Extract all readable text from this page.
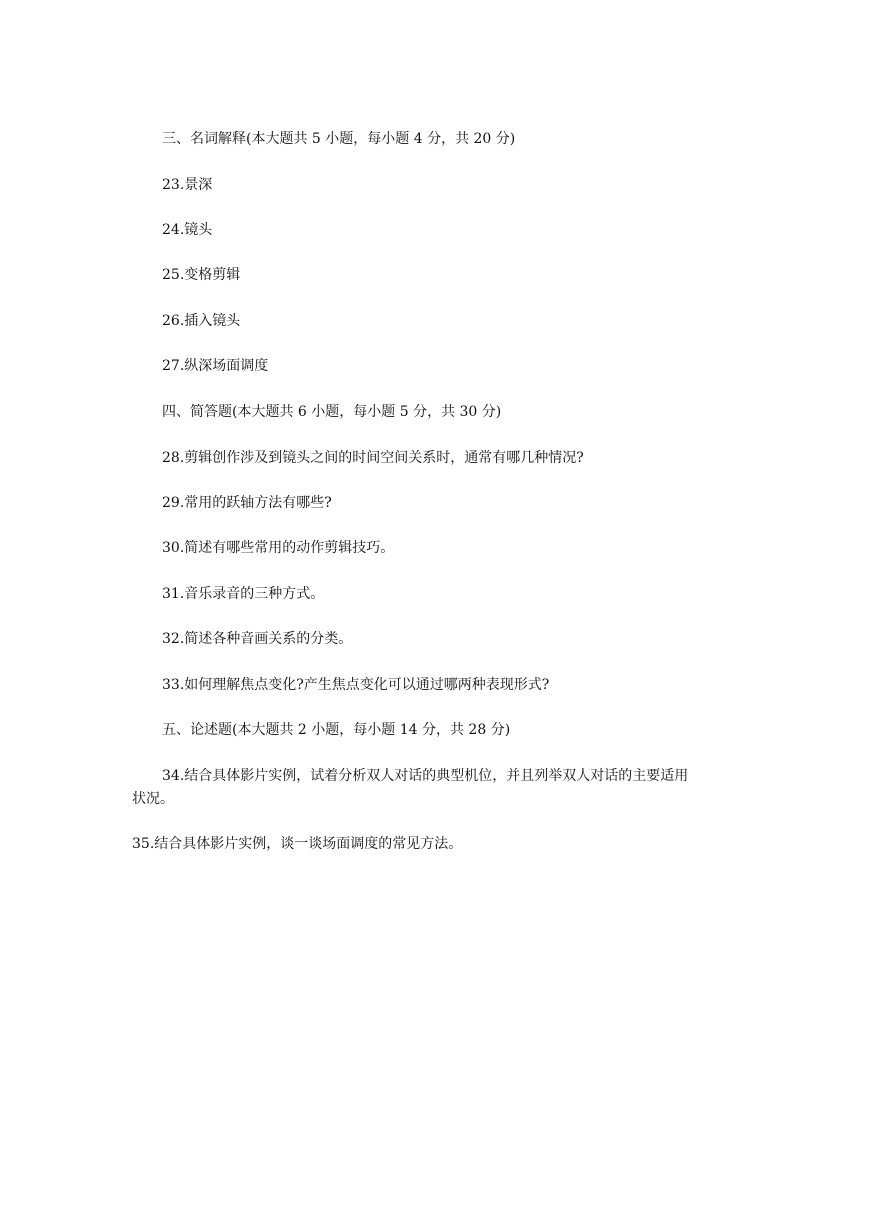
三、名词解释(本大题共 5 小题，每小题 4 分，共 20 分)
23.景深
24.镜头
25.变格剪辑
26.插入镜头
27.纵深场面调度
四、简答题(本大题共 6 小题，每小题 5 分，共 30 分)
28.剪辑创作涉及到镜头之间的时间空间关系时，通常有哪几种情况?
29.常用的跃轴方法有哪些?
30.简述有哪些常用的动作剪辑技巧。
31.音乐录音的三种方式。
32.简述各种音画关系的分类。
33.如何理解焦点变化?产生焦点变化可以通过哪两种表现形式?
五、论述题(本大题共 2 小题，每小题 14 分，共 28 分)
34.结合具体影片实例，试着分析双人对话的典型机位，并且列举双人对话的主要适用
状况。
35.结合具体影片实例，谈一谈场面调度的常见方法。
